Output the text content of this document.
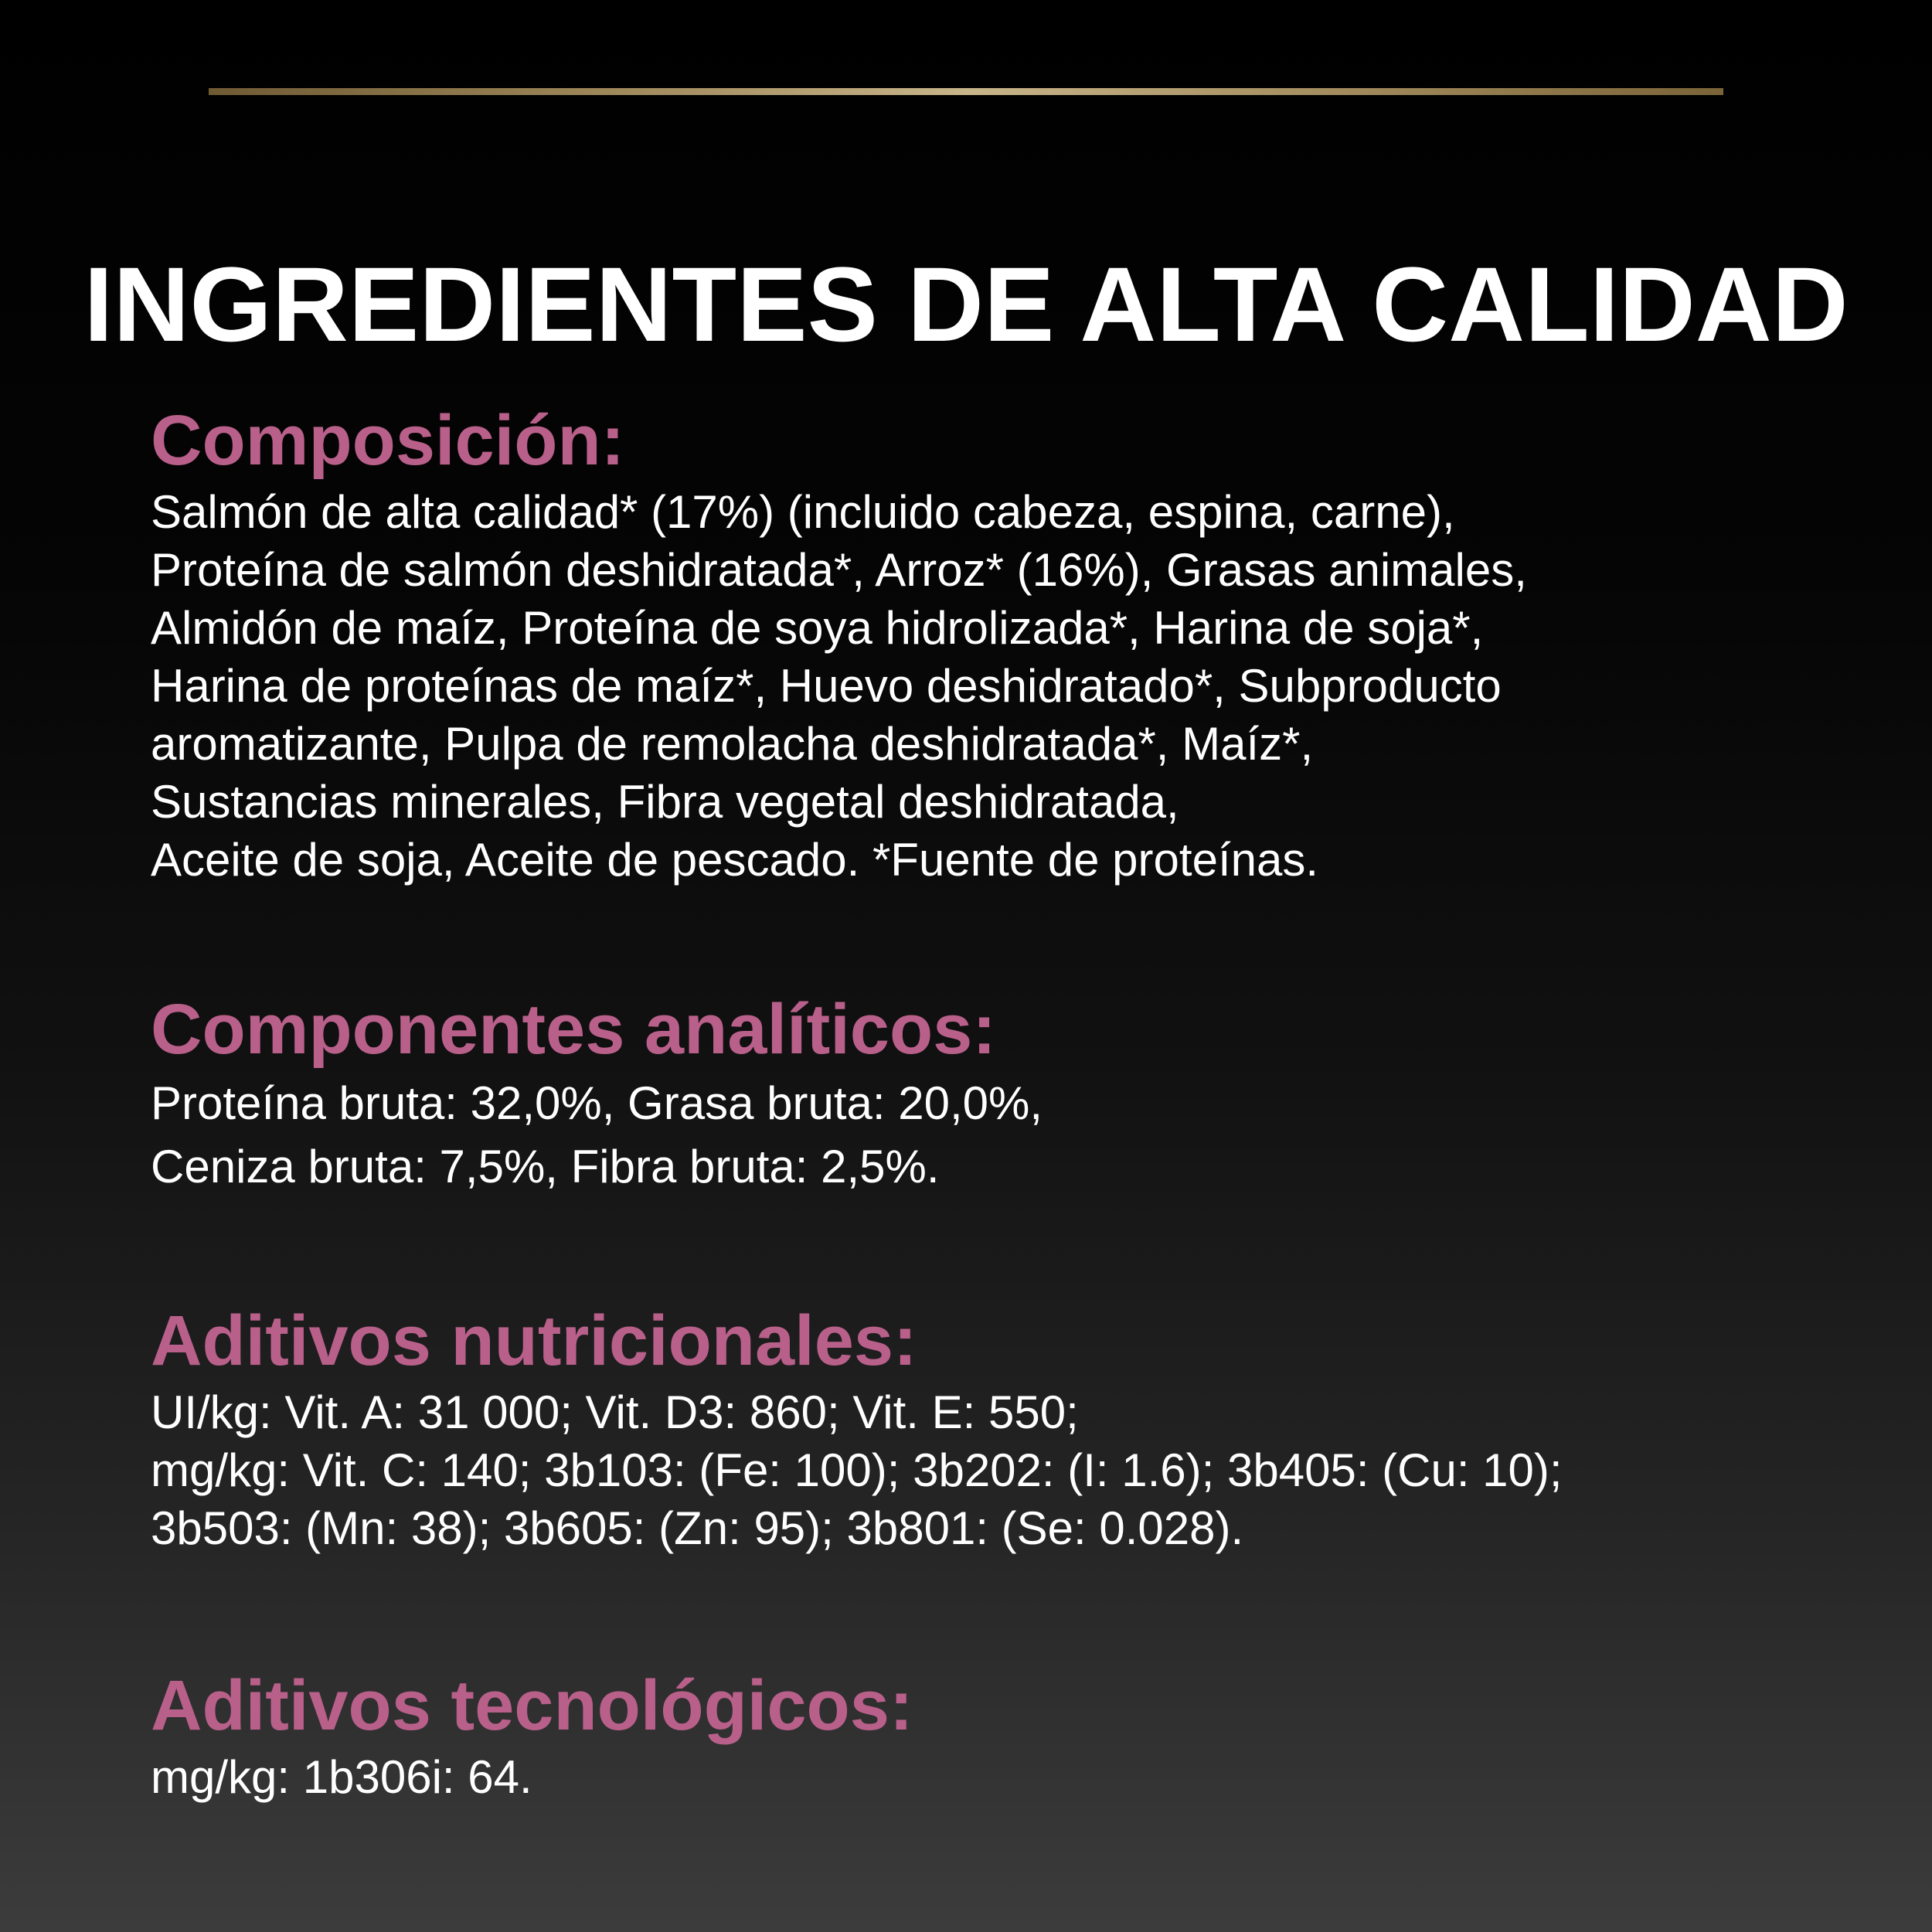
INGREDIENTES DE ALTA CALIDAD
Composición:
Salmón de alta calidad* (17%) (incluido cabeza, espina, carne),
Proteína de salmón deshidratada*, Arroz* (16%), Grasas animales,
Almidón de maíz, Proteína de soya hidrolizada*, Harina de soja*,
Harina de proteínas de maíz*, Huevo deshidratado*, Subproducto
aromatizante, Pulpa de remolacha deshidratada*, Maíz*,
Sustancias minerales, Fibra vegetal deshidratada,
Aceite de soja, Aceite de pescado. *Fuente de proteínas.
Componentes analíticos:
Proteína bruta: 32,0%, Grasa bruta: 20,0%,
Ceniza bruta: 7,5%, Fibra bruta: 2,5%.
Aditivos nutricionales:
UI/kg: Vit. A: 31 000; Vit. D3: 860; Vit. E: 550;
mg/kg: Vit. C: 140; 3b103: (Fe: 100); 3b202: (I: 1.6); 3b405: (Cu: 10);
3b503: (Mn: 38); 3b605: (Zn: 95); 3b801: (Se: 0.028).
Aditivos tecnológicos:
mg/kg: 1b306i: 64.
